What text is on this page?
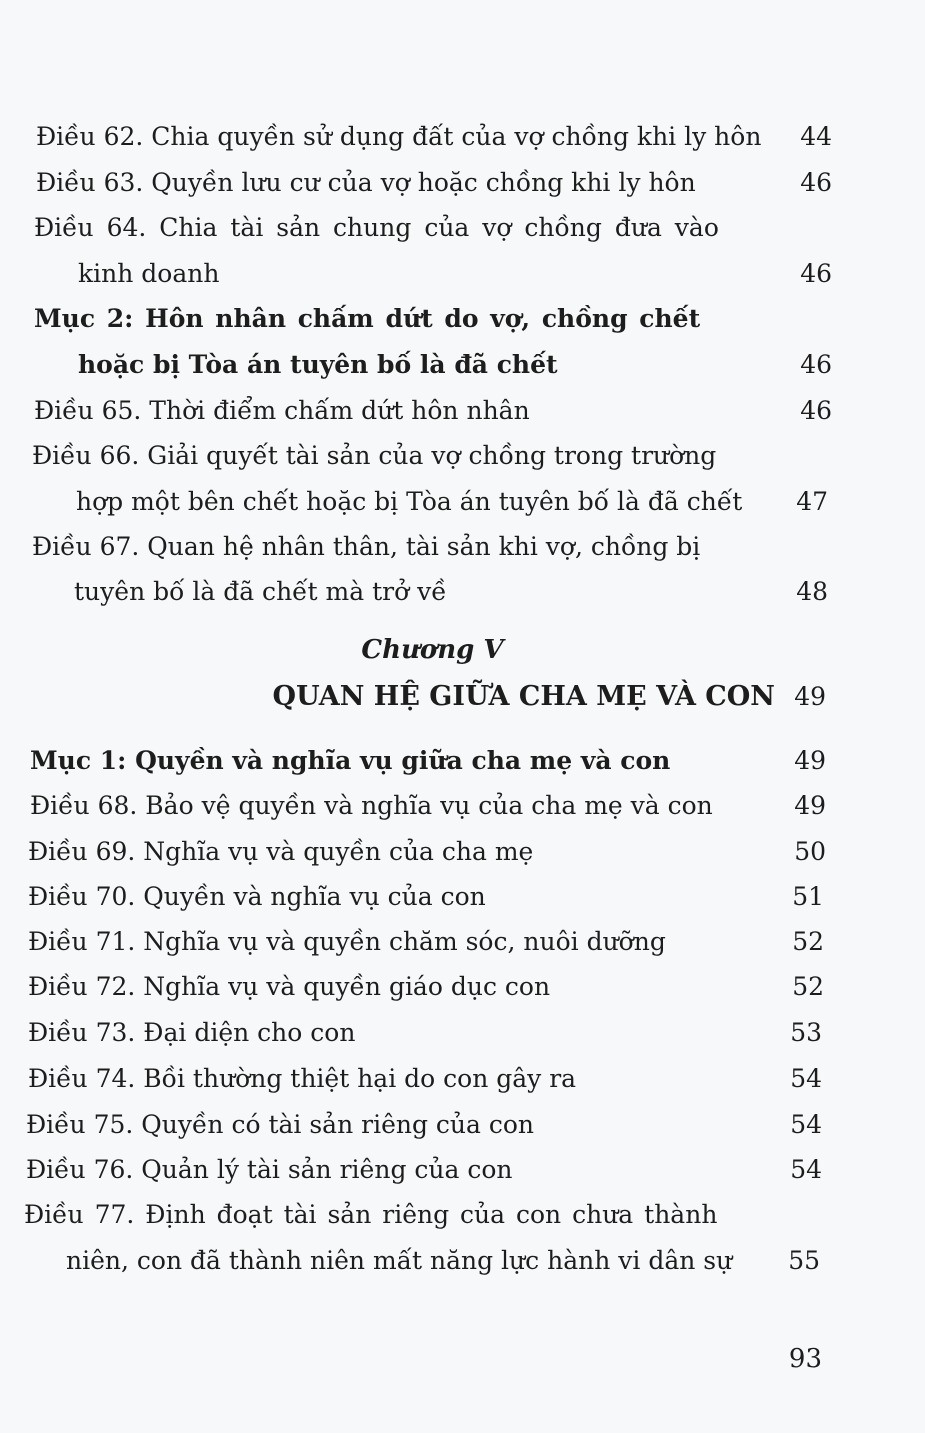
Điều 62. Chia quyền sử dụng đất của vợ chồng khi ly hôn	44
Điều 63. Quyền lưu cư của vợ hoặc chồng khi ly hôn	46
Điều 64. Chia tài sản chung của vợ chồng đưa vào
kinh doanh	46
Mục 2: Hôn nhân chấm dứt do vợ, chồng chết
hoặc bị Tòa án tuyên bố là đã chết	46
Điều 65. Thời điểm chấm dứt hôn nhân	46
Điều 66. Giải quyết tài sản của vợ chồng trong trường
hợp một bên chết hoặc bị Tòa án tuyên bố là đã chết	47
Điều 67. Quan hệ nhân thân, tài sản khi vợ, chồng bị
tuyên bố là đã chết mà trở về	48
Chương V
QUAN HỆ GIỮA CHA MẸ VÀ CON 49
Mục 1: Quyền và nghĩa vụ giữa cha mẹ và con	49
Điều 68. Bảo vệ quyền và nghĩa vụ của cha mẹ và con	49
Điều 69. Nghĩa vụ và quyền của cha mẹ	50
Điều 70. Quyền và nghĩa vụ của con	51
Điều 71. Nghĩa vụ và quyền chăm sóc, nuôi dưỡng	52
Điều 72. Nghĩa vụ và quyền giáo dục con	52
Điều 73. Đại diện cho con	53
Điều 74. Bồi thường thiệt hại do con gây ra	54
Điều 75. Quyền có tài sản riêng của con	54
Điều 76. Quản lý tài sản riêng của con	54
Điều 77. Định đoạt tài sản riêng của con chưa thành
niên, con đã thành niên mất năng lực hành vi dân sự	55
93
